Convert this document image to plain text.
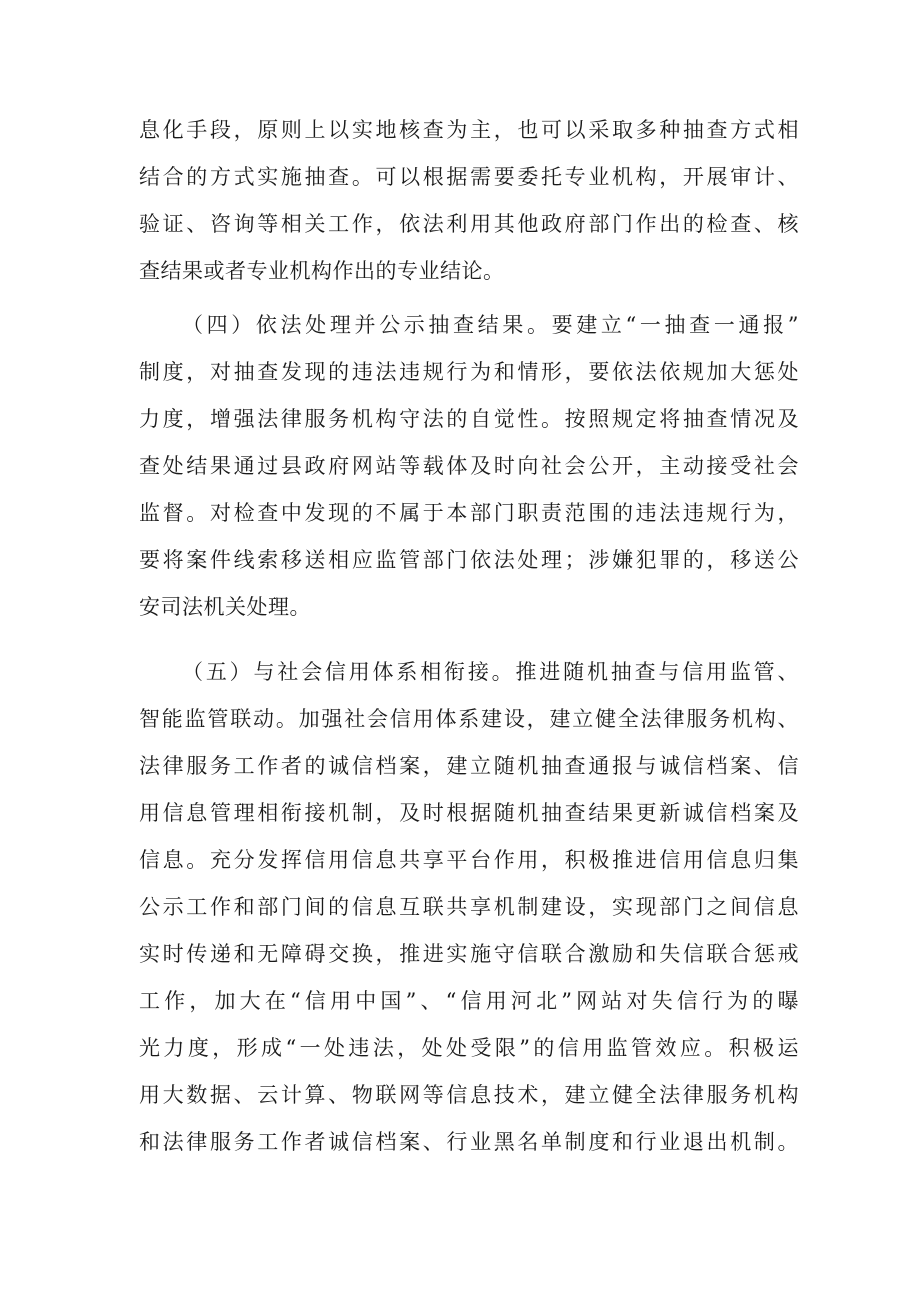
息化手段，原则上以实地核查为主，也可以采取多种抽查方式相
结合的方式实施抽查。可以根据需要委托专业机构，开展审计、
验证、咨询等相关工作，依法利用其他政府部门作出的检查、核
查结果或者专业机构作出的专业结论。
（四）依法处理并公示抽查结果。要建立“一抽查一通报”
制度，对抽查发现的违法违规行为和情形，要依法依规加大惩处
力度，增强法律服务机构守法的自觉性。按照规定将抽查情况及
查处结果通过县政府网站等载体及时向社会公开，主动接受社会
监督。对检查中发现的不属于本部门职责范围的违法违规行为，
要将案件线索移送相应监管部门依法处理；涉嫌犯罪的，移送公
安司法机关处理。
（五）与社会信用体系相衔接。推进随机抽查与信用监管、
智能监管联动。加强社会信用体系建设，建立健全法律服务机构、
法律服务工作者的诚信档案，建立随机抽查通报与诚信档案、信
用信息管理相衔接机制，及时根据随机抽查结果更新诚信档案及
信息。充分发挥信用信息共享平台作用，积极推进信用信息归集
公示工作和部门间的信息互联共享机制建设，实现部门之间信息
实时传递和无障碍交换，推进实施守信联合激励和失信联合惩戒
工作，加大在“信用中国”、“信用河北”网站对失信行为的曝
光力度，形成“一处违法，处处受限”的信用监管效应。积极运
用大数据、云计算、物联网等信息技术，建立健全法律服务机构
和法律服务工作者诚信档案、行业黑名单制度和行业退出机制。
